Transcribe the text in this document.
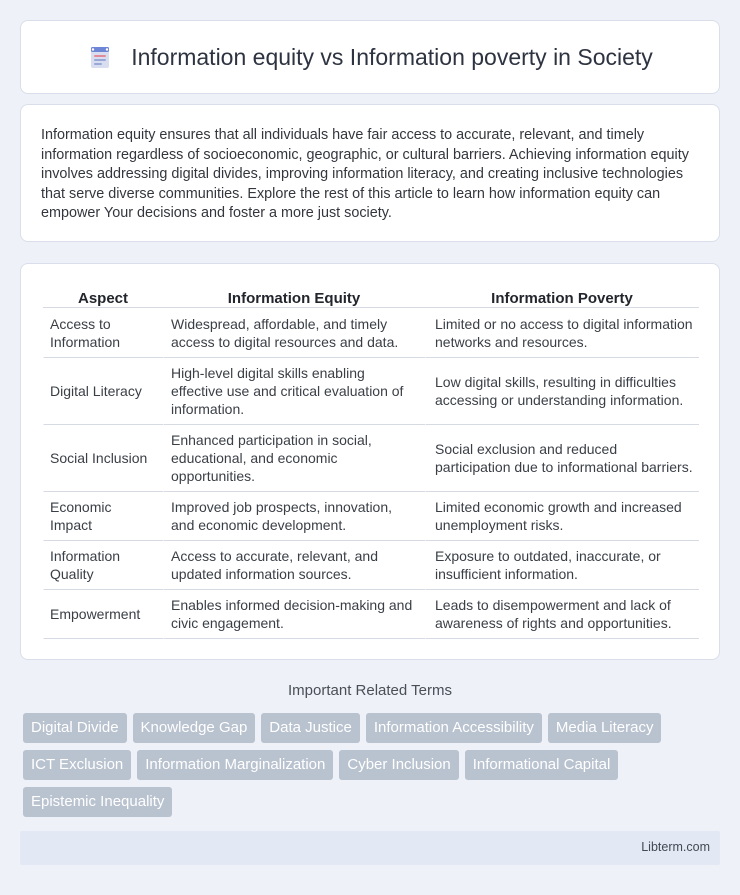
Information equity vs Information poverty in Society

Information equity ensures that all individuals have fair access to accurate, relevant, and timely information regardless of socioeconomic, geographic, or cultural barriers. Achieving information equity involves addressing digital divides, improving information literacy, and creating inclusive technologies that serve diverse communities. Explore the rest of this article to learn how information equity can empower Your decisions and foster a more just society.

Aspect	Information Equity	Information Poverty
Access to Information	Widespread, affordable, and timely access to digital resources and data.	Limited or no access to digital information networks and resources.
Digital Literacy	High-level digital skills enabling effective use and critical evaluation of information.	Low digital skills, resulting in difficulties accessing or understanding information.
Social Inclusion	Enhanced participation in social, educational, and economic opportunities.	Social exclusion and reduced participation due to informational barriers.
Economic Impact	Improved job prospects, innovation, and economic development.	Limited economic growth and increased unemployment risks.
Information Quality	Access to accurate, relevant, and updated information sources.	Exposure to outdated, inaccurate, or insufficient information.
Empowerment	Enables informed decision-making and civic engagement.	Leads to disempowerment and lack of awareness of rights and opportunities.
Important Related Terms
Digital Divide	Knowledge Gap	Data Justice	Information Accessibility	Media Literacy
ICT Exclusion	Information Marginalization	Cyber Inclusion	Informational Capital
Epistemic Inequality
Libterm.com
